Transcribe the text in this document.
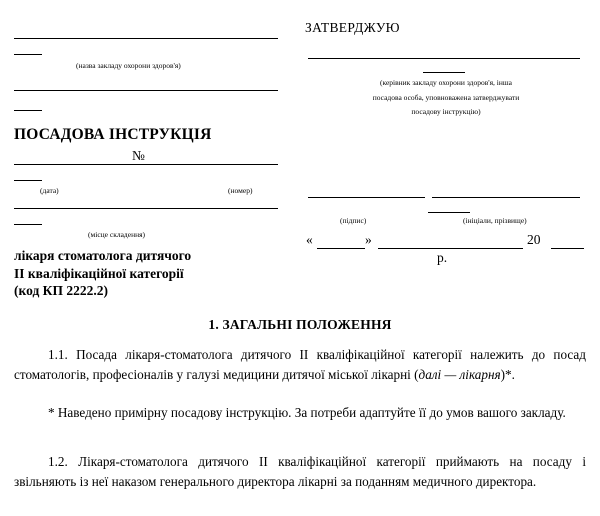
(назва закладу охорони здоров'я)
ЗАТВЕРДЖУЮ
(керівник закладу охорони здоров'я, інша
посадова особа, уповноважена затверджувати
посадову інструкцію)
ПОСАДОВА ІНСТРУКЦІЯ
№
(дата)	(номер)
(місце складення)
(підпис)	(ініціали, прізвище)
«	»	20
р.
лікаря стоматолога дитячого
ІІ кваліфікаційної категорії
(код КП 2222.2)
1. ЗАГАЛЬНІ ПОЛОЖЕННЯ
1.1. Посада лікаря-стоматолога дитячого ІІ кваліфікаційної категорії належить до посад стоматологів, професіоналів у галузі медицини дитячої міської лікарні (далі — лікарня)*.
* Наведено примірну посадову інструкцію. За потреби адаптуйте її до умов вашого закладу.
1.2. Лікаря-стоматолога дитячого ІІ кваліфікаційної категорії приймають на посаду і звільняють із неї наказом генерального директора лікарні за поданням медичного директора.
